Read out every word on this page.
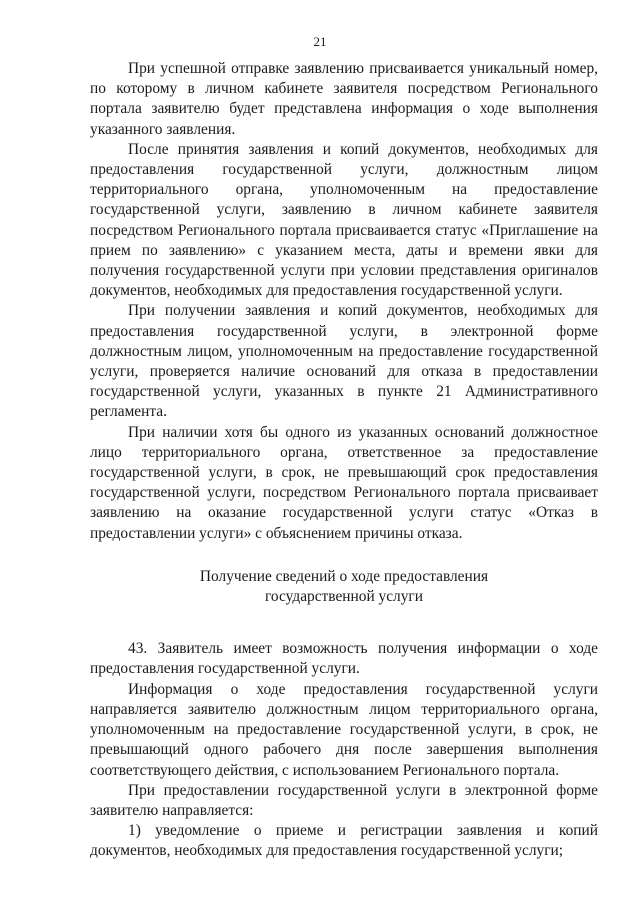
21

При успешной отправке заявлению присваивается уникальный номер, по которому в личном кабинете заявителя посредством Регионального портала заявителю будет представлена информация о ходе выполнения указанного заявления.

После принятия заявления и копий документов, необходимых для предоставления государственной услуги, должностным лицом территориального органа, уполномоченным на предоставление государственной услуги, заявлению в личном кабинете заявителя посредством Регионального портала присваивается статус «Приглашение на прием по заявлению» с указанием места, даты и времени явки для получения государственной услуги при условии представления оригиналов документов, необходимых для предоставления государственной услуги.

При получении заявления и копий документов, необходимых для предоставления государственной услуги, в электронной форме должностным лицом, уполномоченным на предоставление государственной услуги, проверяется наличие оснований для отказа в предоставлении государственной услуги, указанных в пункте 21 Административного регламента.

При наличии хотя бы одного из указанных оснований должностное лицо территориального органа, ответственное за предоставление государственной услуги, в срок, не превышающий срок предоставления государственной услуги, посредством Регионального портала присваивает заявлению на оказание государственной услуги статус «Отказ в предоставлении услуги» с объяснением причины отказа.

Получение сведений о ходе предоставления
государственной услуги

43. Заявитель имеет возможность получения информации о ходе предоставления государственной услуги.

Информация о ходе предоставления государственной услуги направляется заявителю должностным лицом территориального органа, уполномоченным на предоставление государственной услуги, в срок, не превышающий одного рабочего дня после завершения выполнения соответствующего действия, с использованием Регионального портала.

При предоставлении государственной услуги в электронной форме заявителю направляется:

1) уведомление о приеме и регистрации заявления и копий документов, необходимых для предоставления государственной услуги;
